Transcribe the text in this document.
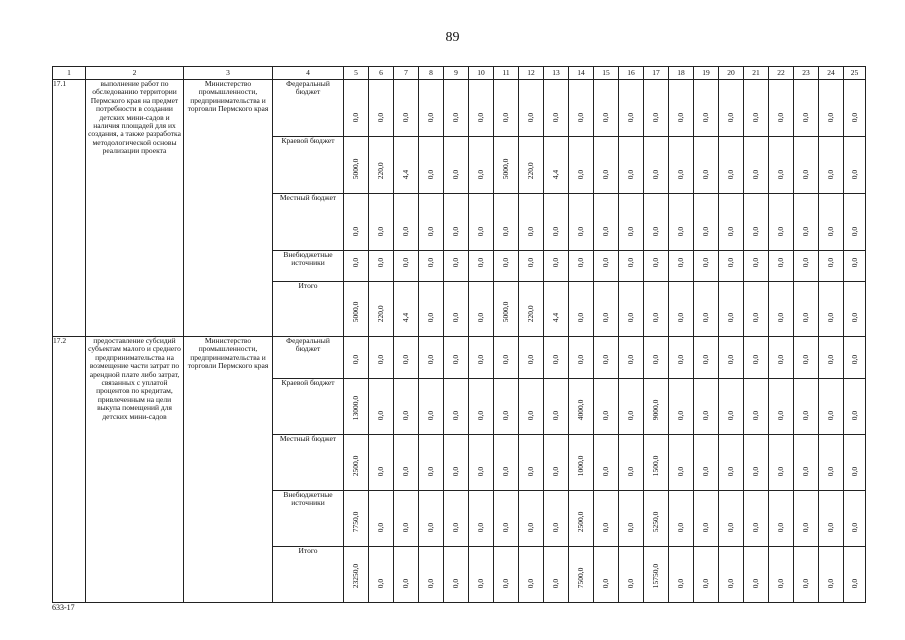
89
1	2	3	4	5	6	7	8	9	10	11	12	13	14	15	16	17	18	19	20	21	22	23	24	25
17.1	выполнение работ по обследованию территории Пермского края на предмет потребности в создании детских мини-садов и наличия площадей для их создания, а также разработка методологической основы реализации проекта	Министерство промышленности, предпринимательства и торговли Пермского края	Федеральный бюджет	0,0	0,0	0,0	0,0	0,0	0,0	0,0	0,0	0,0	0,0	0,0	0,0	0,0	0,0	0,0	0,0	0,0	0,0	0,0	0,0	0,0

			Краевой бюджет	5000,0	220,0	4,4	0,0	0,0	0,0	5000,0	220,0	4,4	0,0	0,0	0,0	0,0	0,0	0,0	0,0	0,0	0,0	0,0	0,0	0,0

			Местный бюджет	0,0	0,0	0,0	0,0	0,0	0,0	0,0	0,0	0,0	0,0	0,0	0,0	0,0	0,0	0,0	0,0	0,0	0,0	0,0	0,0	0,0

			Внебюджетные источники	0,0	0,0	0,0	0,0	0,0	0,0	0,0	0,0	0,0	0,0	0,0	0,0	0,0	0,0	0,0	0,0	0,0	0,0	0,0	0,0	0,0

			Итого	5000,0	220,0	4,4	0,0	0,0	0,0	5000,0	220,0	4,4	0,0	0,0	0,0	0,0	0,0	0,0	0,0	0,0	0,0	0,0	0,0	0,0

17.2	предоставление субсидий субъектам малого и среднего предпринимательства на возмещение части затрат по арендной плате либо затрат, связанных с уплатой процентов по кредитам, привлеченным на цели выкупа помещений для детских мини-садов	Министерство промышленности, предпринимательства и торговли Пермского края	Федеральный бюджет	0,0	0,0	0,0	0,0	0,0	0,0	0,0	0,0	0,0	0,0	0,0	0,0	0,0	0,0	0,0	0,0	0,0	0,0	0,0	0,0	0,0

			Краевой бюджет	13000,0	0,0	0,0	0,0	0,0	0,0	0,0	0,0	0,0	4000,0	0,0	0,0	9000,0	0,0	0,0	0,0	0,0	0,0	0,0	0,0	0,0

			Местный бюджет	2500,0	0,0	0,0	0,0	0,0	0,0	0,0	0,0	0,0	1000,0	0,0	0,0	1500,0	0,0	0,0	0,0	0,0	0,0	0,0	0,0	0,0

			Внебюджетные источники	7750,0	0,0	0,0	0,0	0,0	0,0	0,0	0,0	0,0	2500,0	0,0	0,0	5250,0	0,0	0,0	0,0	0,0	0,0	0,0	0,0	0,0

			Итого	23250,0	0,0	0,0	0,0	0,0	0,0	0,0	0,0	0,0	7500,0	0,0	0,0	15750,0	0,0	0,0	0,0	0,0	0,0	0,0	0,0	0,0
633-17
